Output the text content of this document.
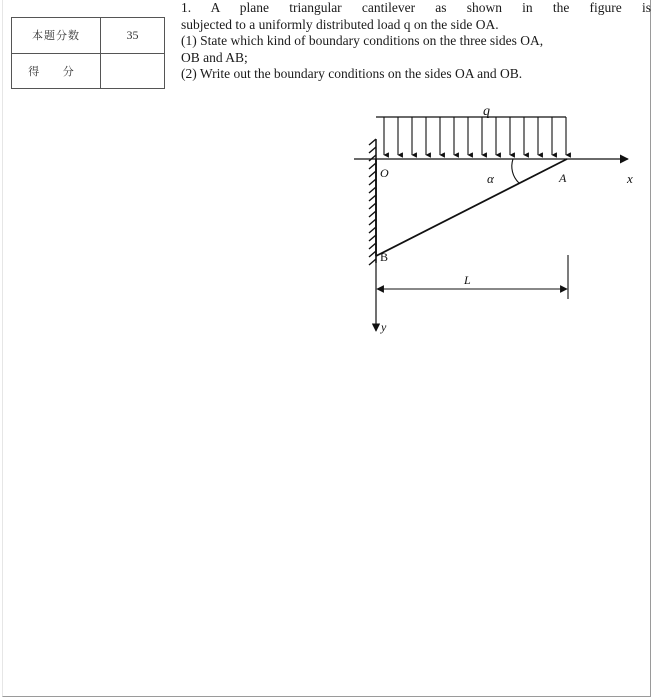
本题分数	35
得 分	

1. A plane triangular cantilever as shown in the figure is

subjected to a uniformly distributed load q on the side OA.

(1) State which kind of boundary conditions on the three sides OA,

OB and AB;

(2) Write out the boundary conditions on the sides OA and OB.

q
x
α
O	A
B
y
L
